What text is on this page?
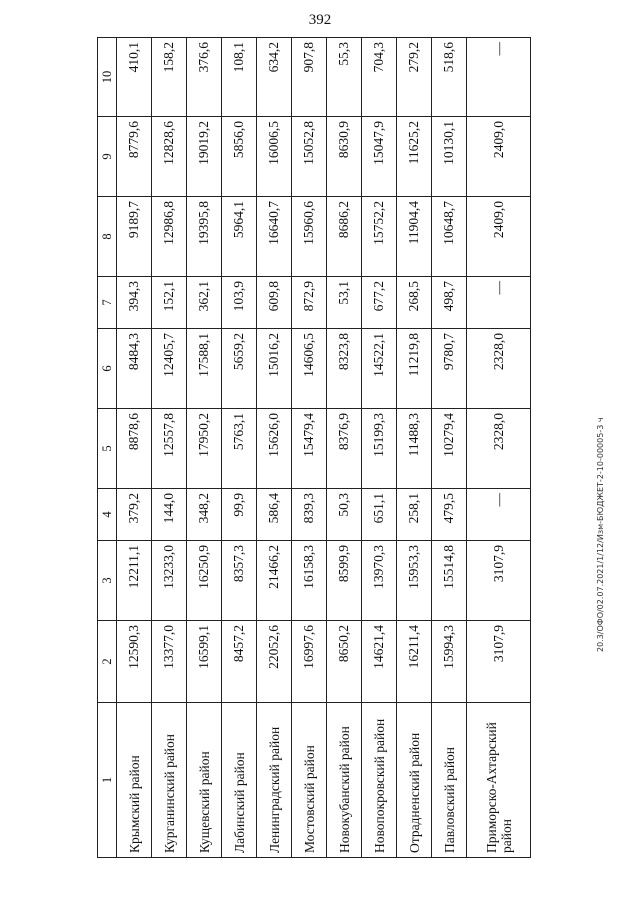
392
1	2	3	4	5	6	7	8	9	10
Крымский район	12590,3	12211,1	379,2	8878,6	8484,3	394,3	9189,7	8779,6	410,1
Курганинский район	13377,0	13233,0	144,0	12557,8	12405,7	152,1	12986,8	12828,6	158,2
Кущевский район	16599,1	16250,9	348,2	17950,2	17588,1	362,1	19395,8	19019,2	376,6
Лабинский район	8457,2	8357,3	99,9	5763,1	5659,2	103,9	5964,1	5856,0	108,1
Ленинградский район	22052,6	21466,2	586,4	15626,0	15016,2	609,8	16640,7	16006,5	634,2
Мостовский район	16997,6	16158,3	839,3	15479,4	14606,5	872,9	15960,6	15052,8	907,8
Новокубанский район	8650,2	8599,9	50,3	8376,9	8323,8	53,1	8686,2	8630,9	55,3
Новопокровский район	14621,4	13970,3	651,1	15199,3	14522,1	677,2	15752,2	15047,9	704,3
Отрадненский район	16211,4	15953,3	258,1	11488,3	11219,8	268,5	11904,4	11625,2	279,2
Павловский район	15994,3	15514,8	479,5	10279,4	9780,7	498,7	10648,7	10130,1	518,6
Приморско-Ахтарский район	3107,9	3107,9	—	2328,0	2328,0	—	2409,0	2409,0	—
20.3/ОФО/02.07.2021/1/12/Изм-БЮДЖЕТ-2-10-00005-3 ч
